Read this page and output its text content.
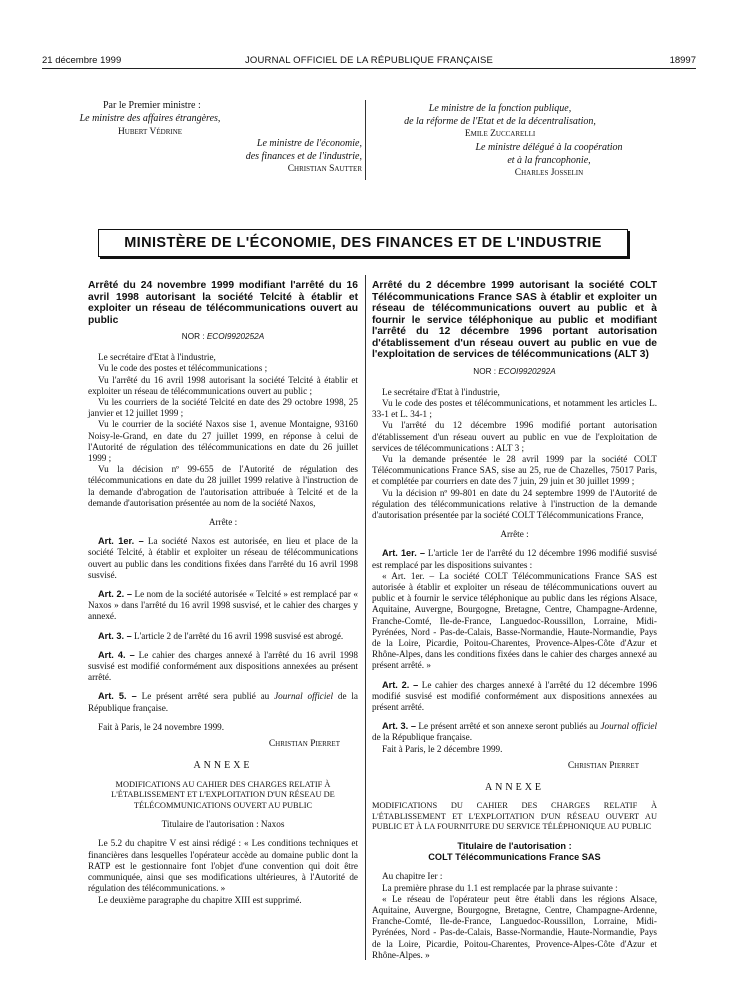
21 décembre 1999	JOURNAL OFFICIEL DE LA RÉPUBLIQUE FRANÇAISE	18997
Par le Premier ministre :
Le ministre des affaires étrangères,
Hubert Védrine
Le ministre de l'économie,
des finances et de l'industrie,
Christian Sautter
Le ministre de la fonction publique,
de la réforme de l'Etat et de la décentralisation,
Emile Zuccarelli
Le ministre délégué à la coopération
et à la francophonie,
Charles Josselin
MINISTÈRE DE L'ÉCONOMIE, DES FINANCES ET DE L'INDUSTRIE

Arrêté du 24 novembre 1999 modifiant l'arrêté du 16 avril 1998 autorisant la société Telcité à établir et exploiter un réseau de télécommunications ouvert au public

NOR : ECOI9920252A

Le secrétaire d'Etat à l'industrie,

Vu le code des postes et télécommunications ;

Vu l'arrêté du 16 avril 1998 autorisant la société Telcité à établir et exploiter un réseau de télécommunications ouvert au public ;

Vu les courriers de la société Telcité en date des 29 octobre 1998, 25 janvier et 12 juillet 1999 ;

Vu le courrier de la société Naxos sise 1, avenue Montaigne, 93160 Noisy-le-Grand, en date du 27 juillet 1999, en réponse à celui de l'Autorité de régulation des télécommunications en date du 26 juillet 1999 ;

Vu la décision nº 99-655 de l'Autorité de régulation des télécommunications en date du 28 juillet 1999 relative à l'instruction de la demande d'abrogation de l'autorisation attribuée à Telcité et de la demande d'autorisation présentée au nom de la société Naxos,

Arrête :

Art. 1er. – La société Naxos est autorisée, en lieu et place de la société Telcité, à établir et exploiter un réseau de télécommunications ouvert au public dans les conditions fixées dans l'arrêté du 16 avril 1998 susvisé.

Art. 2. – Le nom de la société autorisée « Telcité » est remplacé par « Naxos » dans l'arrêté du 16 avril 1998 susvisé, et le cahier des charges y annexé.

Art. 3. – L'article 2 de l'arrêté du 16 avril 1998 susvisé est abrogé.

Art. 4. – Le cahier des charges annexé à l'arrêté du 16 avril 1998 susvisé est modifié conformément aux dispositions annexées au présent arrêté.

Art. 5. – Le présent arrêté sera publié au Journal officiel de la République française.

Fait à Paris, le 24 novembre 1999.

Christian Pierret

ANNEXE

MODIFICATIONS AU CAHIER DES CHARGES RELATIF À L'ÉTABLISSEMENT ET L'EXPLOITATION D'UN RÉSEAU DE TÉLÉCOMMUNICATIONS OUVERT AU PUBLIC

Titulaire de l'autorisation : Naxos

Le 5.2 du chapitre V est ainsi rédigé : « Les conditions techniques et financières dans lesquelles l'opérateur accède au domaine public dont la RATP est le gestionnaire font l'objet d'une convention qui doit être communiquée, ainsi que ses modifications ultérieures, à l'Autorité de régulation des télécommunications. »

Le deuxième paragraphe du chapitre XIII est supprimé.

Arrêté du 2 décembre 1999 autorisant la société COLT Télécommunications France SAS à établir et exploiter un réseau de télécommunications ouvert au public et à fournir le service téléphonique au public et modifiant l'arrêté du 12 décembre 1996 portant autorisation d'établissement d'un réseau ouvert au public en vue de l'exploitation de services de télécommunications (ALT 3)

NOR : ECOI9920292A

Le secrétaire d'Etat à l'industrie,

Vu le code des postes et télécommunications, et notamment les articles L. 33-1 et L. 34-1 ;

Vu l'arrêté du 12 décembre 1996 modifié portant autorisation d'établissement d'un réseau ouvert au public en vue de l'exploitation de services de télécommunications : ALT 3 ;

Vu la demande présentée le 28 avril 1999 par la société COLT Télécommunications France SAS, sise au 25, rue de Chazelles, 75017 Paris, et complétée par courriers en date des 7 juin, 29 juin et 30 juillet 1999 ;

Vu la décision nº 99-801 en date du 24 septembre 1999 de l'Autorité de régulation des télécommunications relative à l'instruction de la demande d'autorisation présentée par la société COLT Télécommunications France,

Arrête :

Art. 1er. – L'article 1er de l'arrêté du 12 décembre 1996 modifié susvisé est remplacé par les dispositions suivantes :

« Art. 1er. – La société COLT Télécommunications France SAS est autorisée à établir et exploiter un réseau de télécommunications ouvert au public et à fournir le service téléphonique au public dans les régions Alsace, Aquitaine, Auvergne, Bourgogne, Bretagne, Centre, Champagne-Ardenne, Franche-Comté, Ile-de-France, Languedoc-Roussillon, Lorraine, Midi-Pyrénées, Nord - Pas-de-Calais, Basse-Normandie, Haute-Normandie, Pays de la Loire, Picardie, Poitou-Charentes, Provence-Alpes-Côte d'Azur et Rhône-Alpes, dans les conditions fixées dans le cahier des charges annexé au présent arrêté. »

Art. 2. – Le cahier des charges annexé à l'arrêté du 12 décembre 1996 modifié susvisé est modifié conformément aux dispositions annexées au présent arrêté.

Art. 3. – Le présent arrêté et son annexe seront publiés au Journal officiel de la République française.

Fait à Paris, le 2 décembre 1999.

Christian Pierret

ANNEXE

MODIFICATIONS DU CAHIER DES CHARGES RELATIF À L'ÉTABLISSEMENT ET L'EXPLOITATION D'UN RÉSEAU OUVERT AU PUBLIC ET À LA FOURNITURE DU SERVICE TÉLÉPHONIQUE AU PUBLIC

Titulaire de l'autorisation :

COLT Télécommunications France SAS

Au chapitre Ier :

La première phrase du 1.1 est remplacée par la phrase suivante :

« Le réseau de l'opérateur peut être établi dans les régions Alsace, Aquitaine, Auvergne, Bourgogne, Bretagne, Centre, Champagne-Ardenne, Franche-Comté, Ile-de-France, Languedoc-Roussillon, Lorraine, Midi-Pyrénées, Nord - Pas-de-Calais, Basse-Normandie, Haute-Normandie, Pays de la Loire, Picardie, Poitou-Charentes, Provence-Alpes-Côte d'Azur et Rhône-Alpes. »
